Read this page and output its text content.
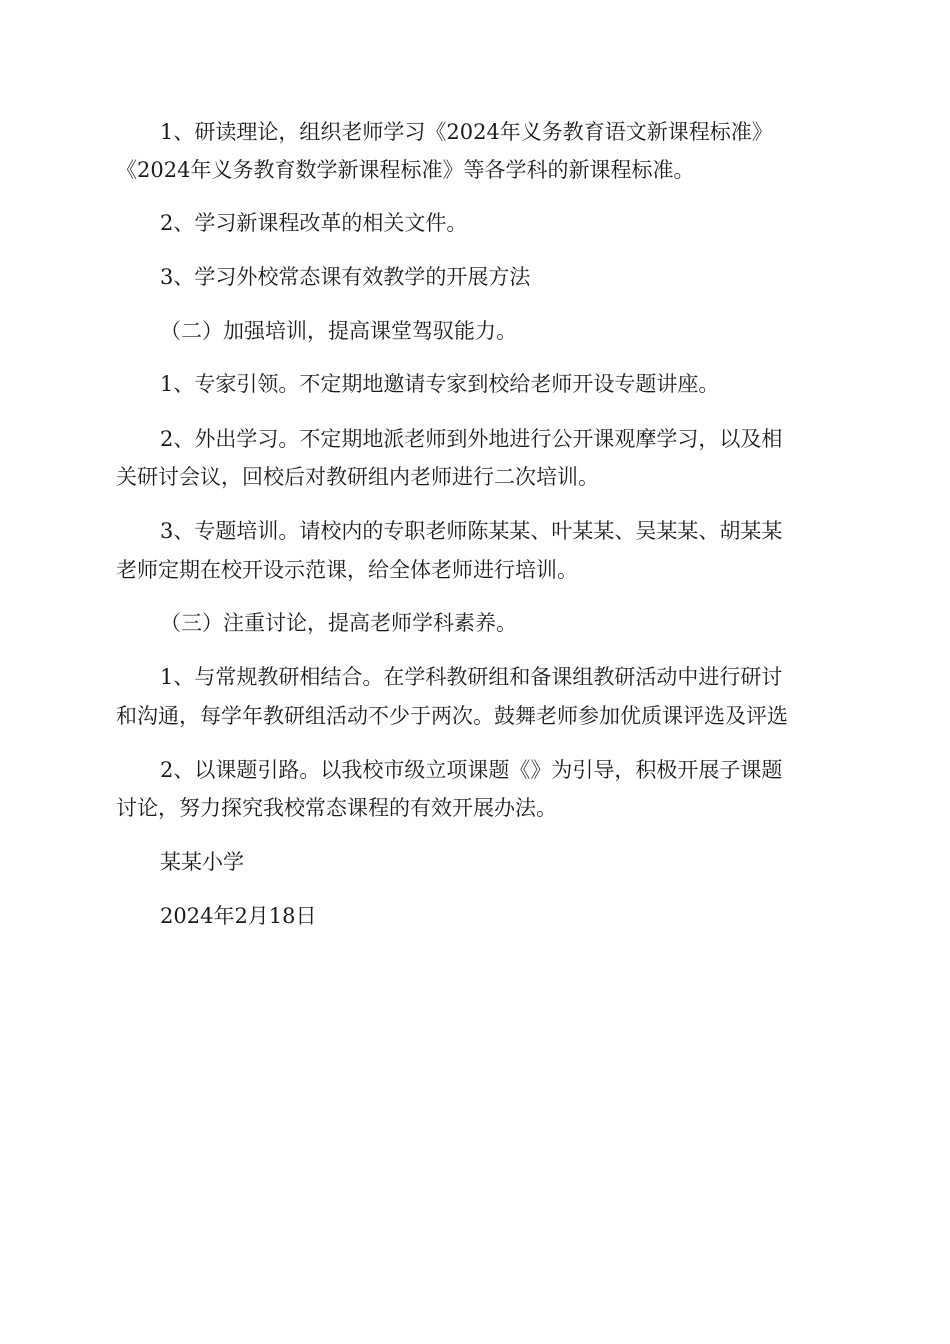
1、研读理论，组织老师学习《2024年义务教育语文新课程标准》

《2024年义务教育数学新课程标准》等各学科的新课程标准。

2、学习新课程改革的相关文件。

3、学习外校常态课有效教学的开展方法

（二）加强培训，提高课堂驾驭能力。

1、专家引领。不定期地邀请专家到校给老师开设专题讲座。

2、外出学习。不定期地派老师到外地进行公开课观摩学习，以及相

关研讨会议，回校后对教研组内老师进行二次培训。

3、专题培训。请校内的专职老师陈某某、叶某某、吴某某、胡某某

老师定期在校开设示范课，给全体老师进行培训。

（三）注重讨论，提高老师学科素养。

1、与常规教研相结合。在学科教研组和备课组教研活动中进行研讨

和沟通，每学年教研组活动不少于两次。鼓舞老师参加优质课评选及评选

2、以课题引路。以我校市级立项课题《》为引导，积极开展子课题

讨论，努力探究我校常态课程的有效开展办法。

某某小学

2024年2月18日
